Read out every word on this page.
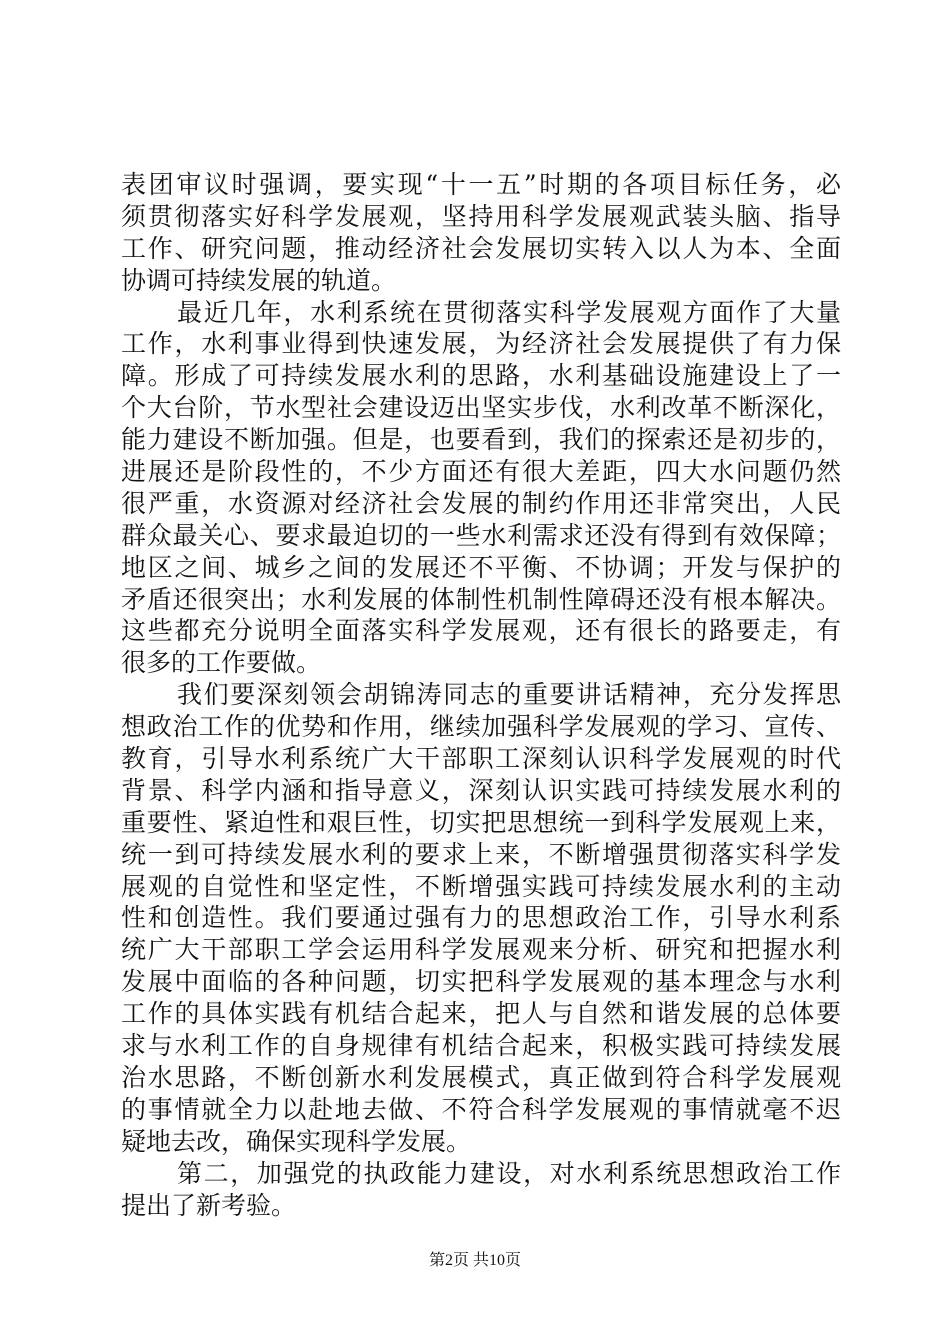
表团审议时强调，要实现“十一五”时期的各项目标任务，必
须贯彻落实好科学发展观，坚持用科学发展观武装头脑、指导
工作、研究问题，推动经济社会发展切实转入以人为本、全面
协调可持续发展的轨道。
最近几年，水利系统在贯彻落实科学发展观方面作了大量
工作，水利事业得到快速发展，为经济社会发展提供了有力保
障。形成了可持续发展水利的思路，水利基础设施建设上了一
个大台阶，节水型社会建设迈出坚实步伐，水利改革不断深化，
能力建设不断加强。但是，也要看到，我们的探索还是初步的，
进展还是阶段性的，不少方面还有很大差距，四大水问题仍然
很严重，水资源对经济社会发展的制约作用还非常突出，人民
群众最关心、要求最迫切的一些水利需求还没有得到有效保障；
地区之间、城乡之间的发展还不平衡、不协调；开发与保护的
矛盾还很突出；水利发展的体制性机制性障碍还没有根本解决。
这些都充分说明全面落实科学发展观，还有很长的路要走，有
很多的工作要做。
我们要深刻领会胡锦涛同志的重要讲话精神，充分发挥思
想政治工作的优势和作用，继续加强科学发展观的学习、宣传、
教育，引导水利系统广大干部职工深刻认识科学发展观的时代
背景、科学内涵和指导意义，深刻认识实践可持续发展水利的
重要性、紧迫性和艰巨性，切实把思想统一到科学发展观上来，
统一到可持续发展水利的要求上来，不断增强贯彻落实科学发
展观的自觉性和坚定性，不断增强实践可持续发展水利的主动
性和创造性。我们要通过强有力的思想政治工作，引导水利系
统广大干部职工学会运用科学发展观来分析、研究和把握水利
发展中面临的各种问题，切实把科学发展观的基本理念与水利
工作的具体实践有机结合起来，把人与自然和谐发展的总体要
求与水利工作的自身规律有机结合起来，积极实践可持续发展
治水思路，不断创新水利发展模式，真正做到符合科学发展观
的事情就全力以赴地去做、不符合科学发展观的事情就毫不迟
疑地去改，确保实现科学发展。
第二，加强党的执政能力建设，对水利系统思想政治工作
提出了新考验。
第2页 共10页
